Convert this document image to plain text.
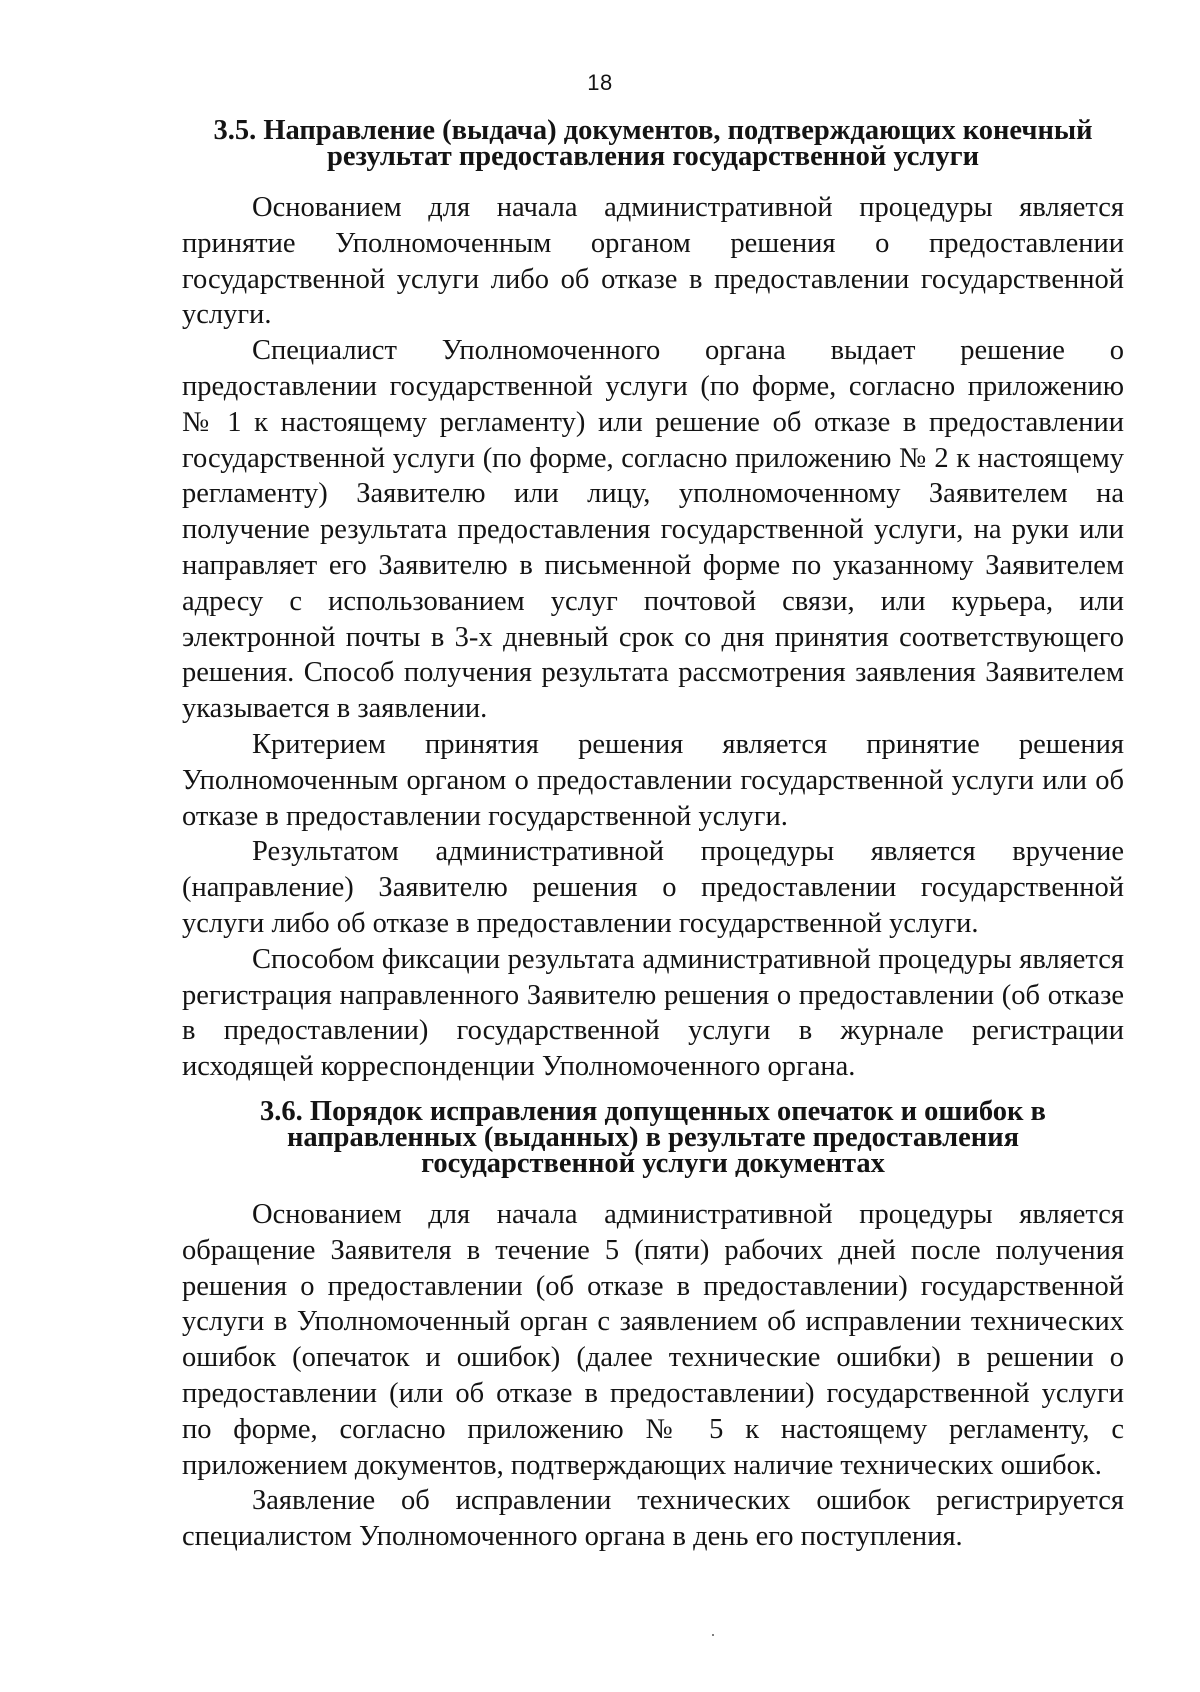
18
3.5. Направление (выдача) документов, подтверждающих конечный результат предоставления государственной услуги

Основанием для начала административной процедуры является принятие Уполномоченным органом решения о предоставлении государственной услуги либо об отказе в предоставлении государственной услуги.

Специалист Уполномоченного органа выдает решение о предоставлении государственной услуги (по форме, согласно приложению № 1 к настоящему регламенту) или решение об отказе в предоставлении государственной услуги (по форме, согласно приложению № 2 к настоящему регламенту) Заявителю или лицу, уполномоченному Заявителем на получение результата предоставления государственной услуги, на руки или направляет его Заявителю в письменной форме по указанному Заявителем адресу с использованием услуг почтовой связи, или курьера, или электронной почты в 3-х дневный срок со дня принятия соответствующего решения. Способ получения результата рассмотрения заявления Заявителем указывается в заявлении.

Критерием принятия решения является принятие решения Уполномоченным органом о предоставлении государственной услуги или об отказе в предоставлении государственной услуги.

Результатом административной процедуры является вручение (направление) Заявителю решения о предоставлении государственной услуги либо об отказе в предоставлении государственной услуги.

Способом фиксации результата административной процедуры является регистрация направленного Заявителю решения о предоставлении (об отказе в предоставлении) государственной услуги в журнале регистрации исходящей корреспонденции Уполномоченного органа.

3.6. Порядок исправления допущенных опечаток и ошибок в направленных (выданных) в результате предоставления государственной услуги документах

Основанием для начала административной процедуры является обращение Заявителя в течение 5 (пяти) рабочих дней после получения решения о предоставлении (об отказе в предоставлении) государственной услуги в Уполномоченный орган с заявлением об исправлении технических ошибок (опечаток и ошибок) (далее технические ошибки) в решении о предоставлении (или об отказе в предоставлении) государственной услуги по форме, согласно приложению № 5 к настоящему регламенту, с приложением документов, подтверждающих наличие технических ошибок.

Заявление об исправлении технических ошибок регистрируется специалистом Уполномоченного органа в день его поступления.
